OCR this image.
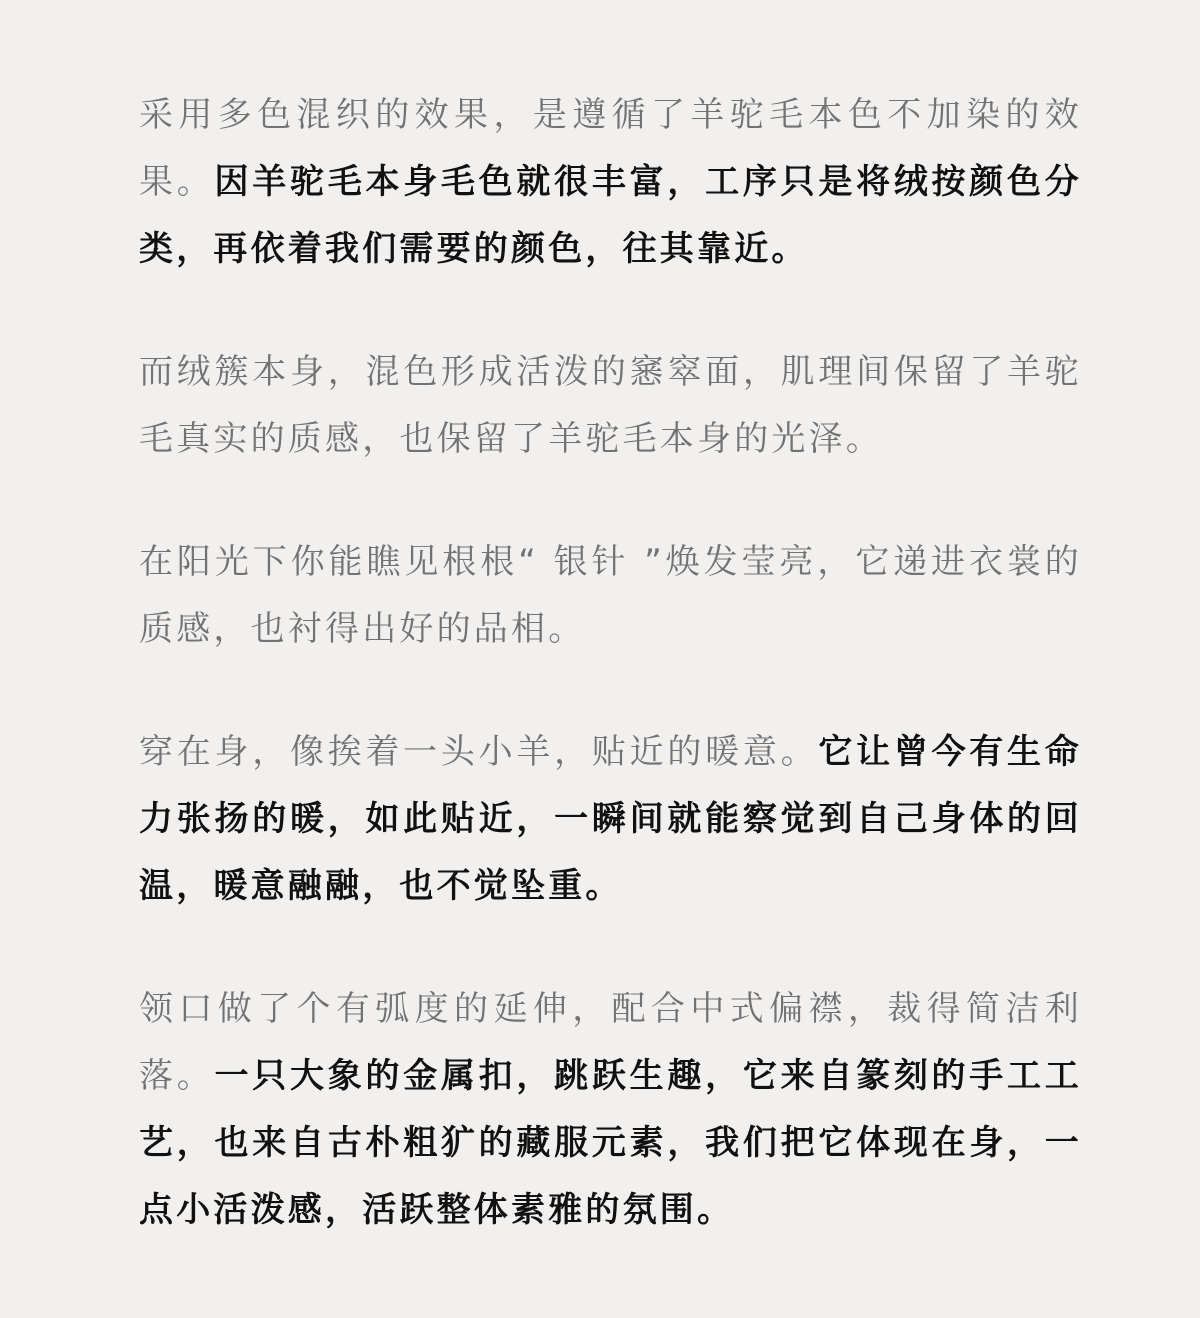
采用多色混织的效果，是遵循了羊驼毛本色不加染的效果。因羊驼毛本身毛色就很丰富，工序只是将绒按颜色分类，再依着我们需要的颜色，往其靠近。

而绒簇本身，混色形成活泼的窸窣面，肌理间保留了羊驼毛真实的质感，也保留了羊驼毛本身的光泽。

在阳光下你能瞧见根根“ 银针 ”焕发莹亮，它递进衣裳的质感，也衬得出好的品相。

穿在身，像挨着一头小羊，贴近的暖意。它让曾今有生命力张扬的暖，如此贴近，一瞬间就能察觉到自己身体的回温，暖意融融，也不觉坠重。

领口做了个有弧度的延伸，配合中式偏襟，裁得简洁利落。一只大象的金属扣，跳跃生趣，它来自篆刻的手工工艺，也来自古朴粗犷的藏服元素，我们把它体现在身，一点小活泼感，活跃整体素雅的氛围。
